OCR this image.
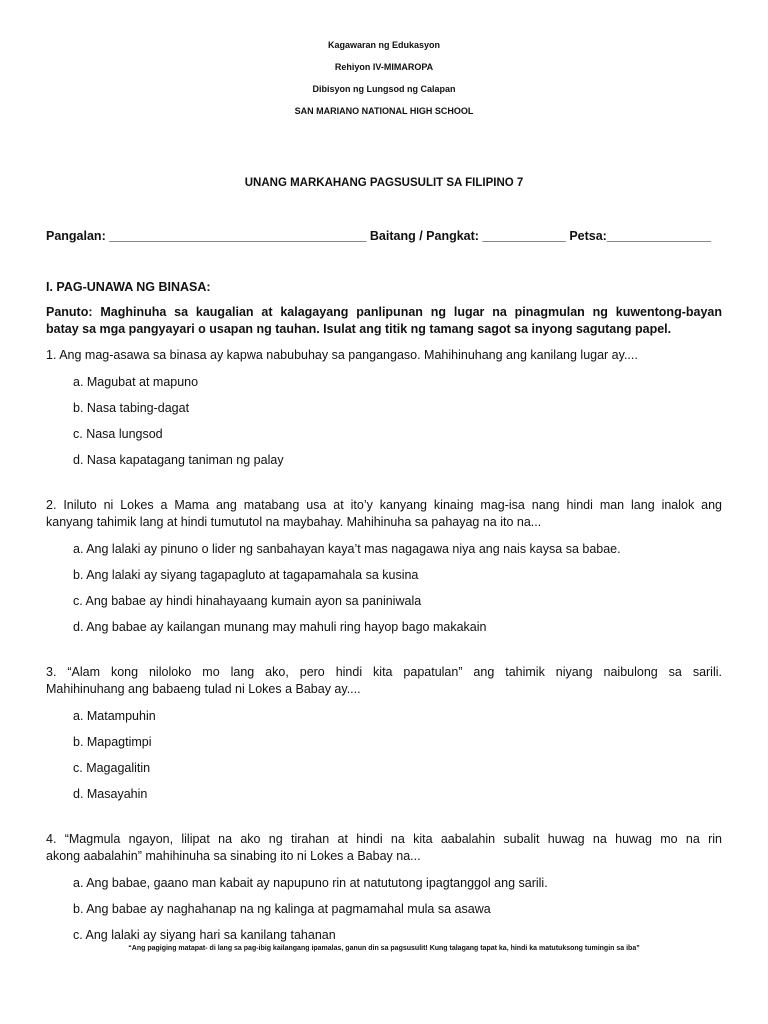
Kagawaran ng Edukasyon
Rehiyon IV-MIMAROPA
Dibisyon ng Lungsod ng Calapan
SAN MARIANO NATIONAL HIGH SCHOOL
UNANG MARKAHANG PAGSUSULIT SA FILIPINO 7
Pangalan: _____________________________________ Baitang / Pangkat: ____________ Petsa:_______________
I. PAG-UNAWA NG BINASA:
Panuto: Maghinuha sa kaugalian at kalagayang panlipunan ng lugar na pinagmulan ng kuwentong-bayan
batay sa mga pangyayari o usapan ng tauhan. Isulat ang titik ng tamang sagot sa inyong sagutang papel.
1. Ang mag-asawa sa binasa ay kapwa nabubuhay sa pangangaso. Mahihinuhang ang kanilang lugar ay....
a. Magubat at mapuno
b. Nasa tabing-dagat
c. Nasa lungsod
d. Nasa kapatagang taniman ng palay
2. Iniluto ni Lokes a Mama ang matabang usa at ito’y kanyang kinaing mag-isa nang hindi man lang inalok ang
kanyang tahimik lang at hindi tumututol na maybahay. Mahihinuha sa pahayag na ito na...
a. Ang lalaki ay pinuno o lider ng sanbahayan kaya’t mas nagagawa niya ang nais kaysa sa babae.
b. Ang lalaki ay siyang tagapagluto at tagapamahala sa kusina
c. Ang babae ay hindi hinahayaang kumain ayon sa paniniwala
d. Ang babae ay kailangan munang may mahuli ring hayop bago makakain
3. “Alam kong niloloko mo lang ako, pero hindi kita papatulan” ang tahimik niyang naibulong sa sarili.
Mahihinuhang ang babaeng tulad ni Lokes a Babay ay....
a. Matampuhin
b. Mapagtimpi
c. Magagalitin
d. Masayahin
4. “Magmula ngayon, lilipat na ako ng tirahan at hindi na kita aabalahin subalit huwag na huwag mo na rin
akong aabalahin” mahihinuha sa sinabing ito ni Lokes a Babay na...
a. Ang babae, gaano man kabait ay napupuno rin at natututong ipagtanggol ang sarili.
b. Ang babae ay naghahanap na ng kalinga at pagmamahal mula sa asawa
c. Ang lalaki ay siyang hari sa kanilang tahanan
“Ang pagiging matapat- di lang sa pag-ibig kailangang ipamalas, ganun din sa pagsusulit! Kung talagang tapat ka, hindi ka matutuksong tumingin sa iba”
